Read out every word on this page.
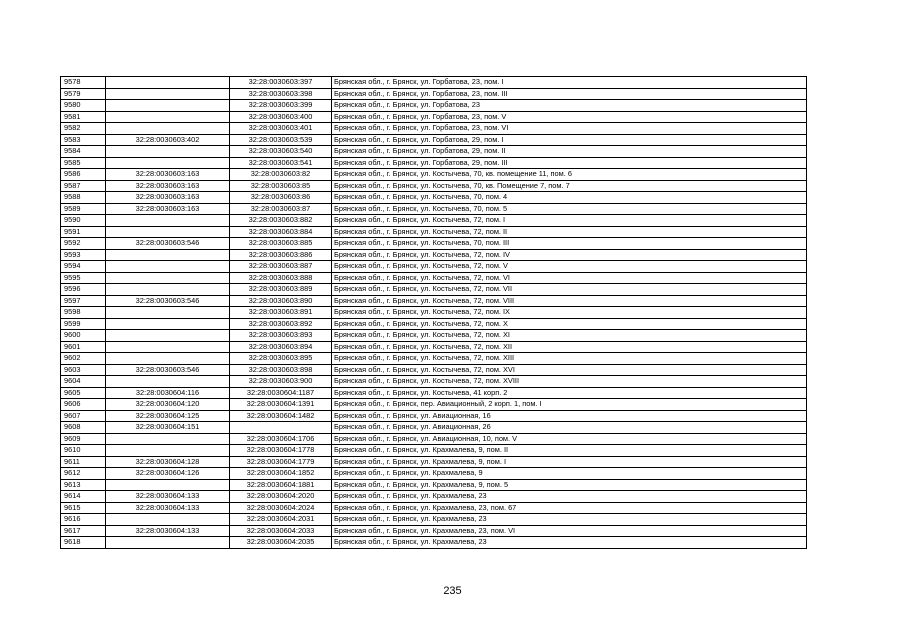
9578		32:28:0030603:397	Брянская обл., г. Брянск, ул. Горбатова, 23, пом. I
9579		32:28:0030603:398	Брянская обл., г. Брянск, ул. Горбатова, 23, пом. III
9580		32:28:0030603:399	Брянская обл., г. Брянск, ул. Горбатова, 23
9581		32:28:0030603:400	Брянская обл., г. Брянск, ул. Горбатова, 23, пом. V
9582		32:28:0030603:401	Брянская обл., г. Брянск, ул. Горбатова, 23, пом. VI
9583	32:28:0030603:402	32:28:0030603:539	Брянская обл., г. Брянск, ул. Горбатова, 29, пом. I
9584		32:28:0030603:540	Брянская обл., г. Брянск, ул. Горбатова, 29, пом. II
9585		32:28:0030603:541	Брянская обл., г. Брянск, ул. Горбатова, 29, пом. III
9586	32:28:0030603:163	32:28:0030603:82	Брянская обл., г. Брянск, ул. Костычева, 70, кв. помещение 11, пом. 6
9587	32:28:0030603:163	32:28:0030603:85	Брянская обл., г. Брянск, ул. Костычева, 70, кв. Помещение 7, пом. 7
9588	32:28:0030603:163	32:28:0030603:86	Брянская обл., г. Брянск, ул. Костычева, 70, пом. 4
9589	32:28:0030603:163	32:28:0030603:87	Брянская обл., г. Брянск, ул. Костычева, 70, пом. 5
9590		32:28:0030603:882	Брянская обл., г. Брянск, ул. Костычева, 72, пом. I
9591		32:28:0030603:884	Брянская обл., г. Брянск, ул. Костычева, 72, пом. II
9592	32:28:0030603:546	32:28:0030603:885	Брянская обл., г. Брянск, ул. Костычева, 70, пом. III
9593		32:28:0030603:886	Брянская обл., г. Брянск, ул. Костычева, 72, пом. IV
9594		32:28:0030603:887	Брянская обл., г. Брянск, ул. Костычева, 72, пом. V
9595		32:28:0030603:888	Брянская обл., г. Брянск, ул. Костычева, 72, пом. VI
9596		32:28:0030603:889	Брянская обл., г. Брянск, ул. Костычева, 72, пом. VII
9597	32:28:0030603:546	32:28:0030603:890	Брянская обл., г. Брянск, ул. Костычева, 72, пом. VIII
9598		32:28:0030603:891	Брянская обл., г. Брянск, ул. Костычева, 72, пом. IX
9599		32:28:0030603:892	Брянская обл., г. Брянск, ул. Костычева, 72, пом. X
9600		32:28:0030603:893	Брянская обл., г. Брянск, ул. Костычева, 72, пом. XI
9601		32:28:0030603:894	Брянская обл., г. Брянск, ул. Костычева, 72, пом. XII
9602		32:28:0030603:895	Брянская обл., г. Брянск, ул. Костычева, 72, пом. XIII
9603	32:28:0030603:546	32:28:0030603:898	Брянская обл., г. Брянск, ул. Костычева, 72, пом. XVI
9604		32:28:0030603:900	Брянская обл., г. Брянск, ул. Костычева, 72, пом. XVIII
9605	32:28:0030604:116	32:28:0030604:1187	Брянская обл., г. Брянск, ул. Костычева, 41 корп. 2
9606	32:28:0030604:120	32:28:0030604:1391	Брянская обл., г. Брянск, пер. Авиационный, 2 корп. 1, пом. I
9607	32:28:0030604:125	32:28:0030604:1482	Брянская обл., г. Брянск, ул. Авиационная, 16
9608	32:28:0030604:151		Брянская обл., г. Брянск, ул. Авиационная, 26
9609		32:28:0030604:1706	Брянская обл., г. Брянск, ул. Авиационная, 10, пом. V
9610		32:28:0030604:1778	Брянская обл., г. Брянск, ул. Крахмалева, 9, пом. II
9611	32:28:0030604:128	32:28:0030604:1779	Брянская обл., г. Брянск, ул. Крахмалева, 9, пом. I
9612	32:28:0030604:126	32:28:0030604:1852	Брянская обл., г. Брянск, ул. Крахмалева, 9
9613		32:28:0030604:1881	Брянская обл., г. Брянск, ул. Крахмалева, 9, пом. 5
9614	32:28:0030604:133	32:28:0030604:2020	Брянская обл., г. Брянск, ул. Крахмалева, 23
9615	32:28:0030604:133	32:28:0030604:2024	Брянская обл., г. Брянск, ул. Крахмалева, 23, пом. 67
9616		32:28:0030604:2031	Брянская обл., г. Брянск, ул. Крахмалева, 23
9617	32:28:0030604:133	32:28:0030604:2033	Брянская обл., г. Брянск, ул. Крахмалева, 23, пом. VI
9618		32:28:0030604:2035	Брянская обл., г. Брянск, ул. Крахмалева, 23
235
